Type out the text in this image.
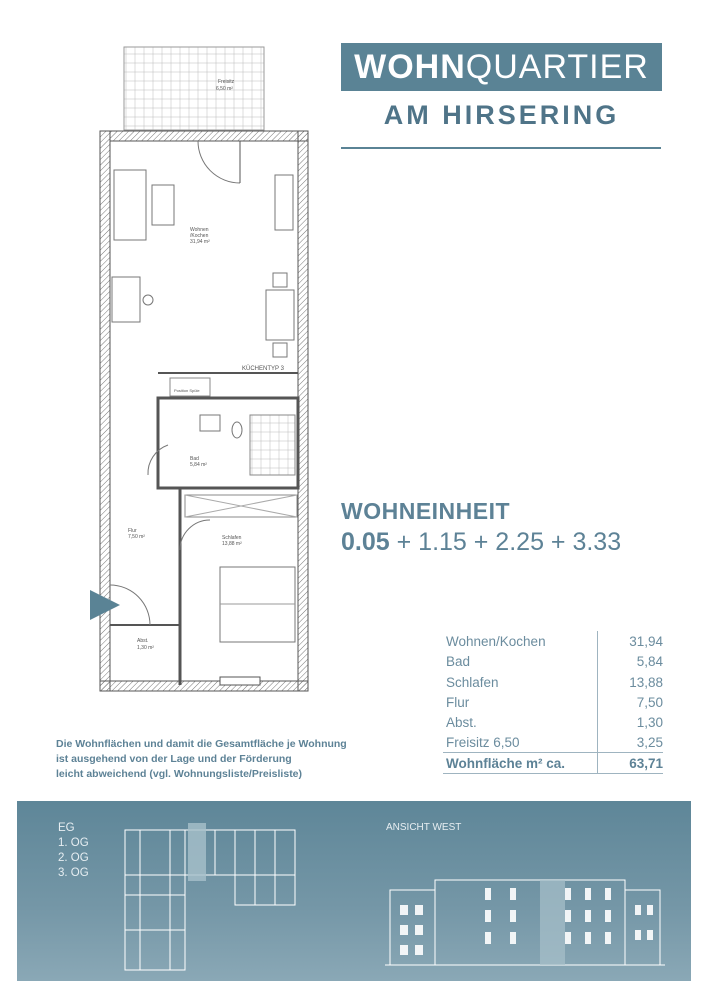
WOHN QUARTIER
AM HIRSERING
Freisitz
6,50 m²
Wohnen
/Kochen
31,94 m²
KÜCHENTYP 3
Position Spüle
Bad
5,84 m²
Flur
7,50 m²	Schlafen
13,88 m²
Abst.
1,30 m²
WOHNEINHEIT
0.05 + 1.15 + 2.25 + 3.33
Wohnen/Kochen	31,94
Bad	5,84
Schlafen	13,88
Flur	7,50
Abst.	1,30
Freisitz 6,50	3,25
Wohnfläche m² ca.	63,71
Die Wohnflächen und damit die Gesamtfläche je Wohnung
ist ausgehend von der Lage und der Förderung
leicht abweichend (vgl. Wohnungsliste/Preisliste)
EG
1. OG
2. OG
3. OG
ANSICHT WEST
